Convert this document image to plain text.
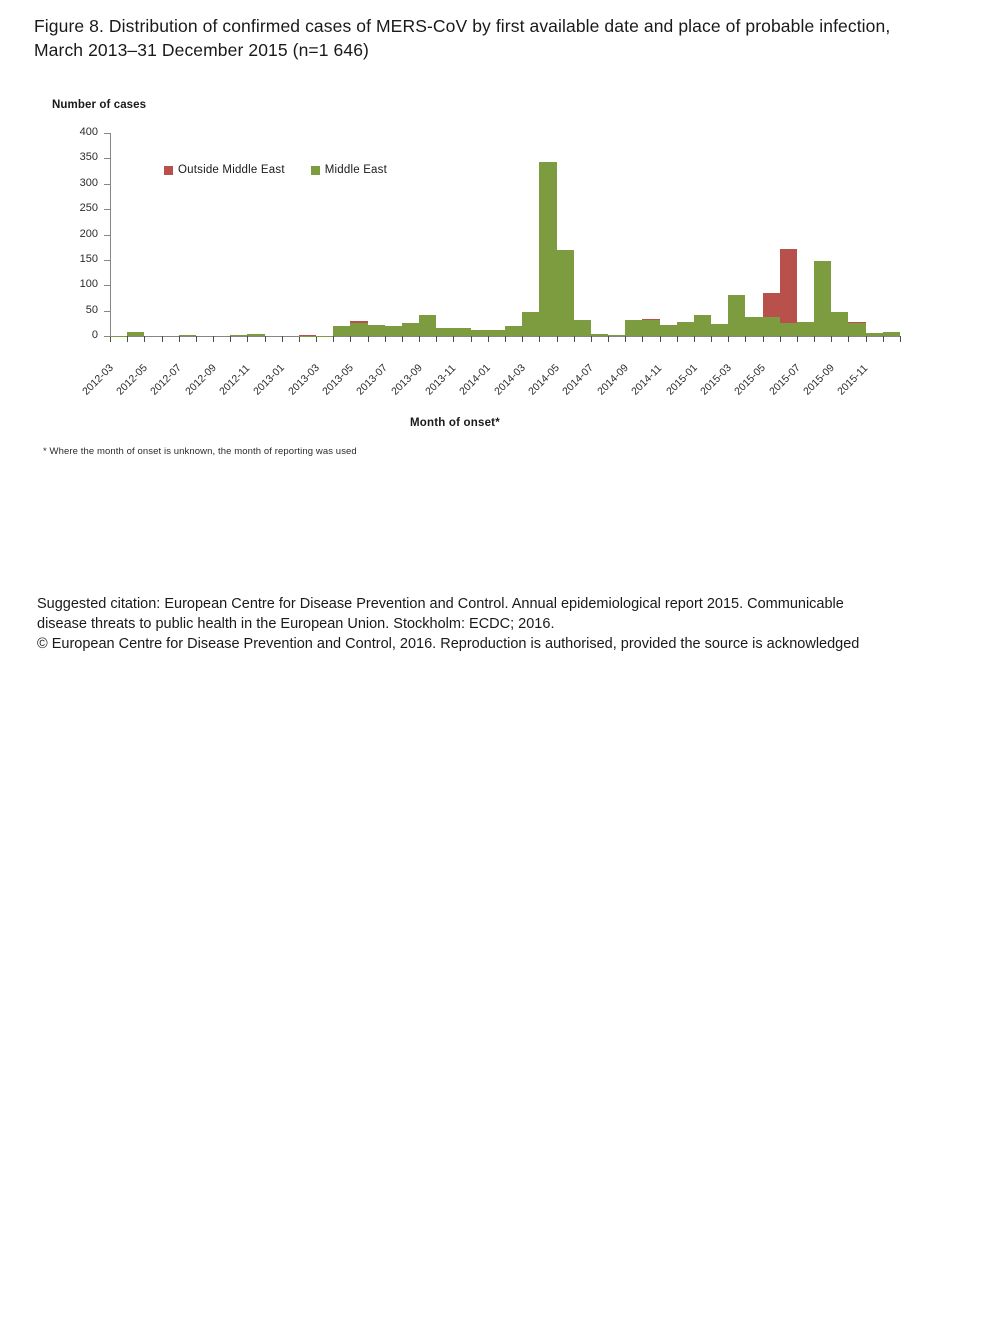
Figure 8. Distribution of confirmed cases of MERS-CoV by first available date and place of probable infection, March 2013–31 December 2015 (n=1 646)
Number of cases
0
50
100
150
200
250
300
350
400
2012-03
2012-05
2012-07
2012-09
2012-11 2013-01
2013-03
2013-05
2013-07
2013-09
2013-11 2014-01
2014-03
2014-05
2014-07
2014-09
2014-11 2015-01
2015-03
2015-05
2015-07
2015-09
2015-11
Outside Middle East	Middle East
Month of onset*
* Where the month of onset is unknown, the month of reporting was used
Suggested citation: European Centre for Disease Prevention and Control. Annual epidemiological report 2015. Communicable
disease threats to public health in the European Union. Stockholm: ECDC; 2016.
© European Centre for Disease Prevention and Control, 2016. Reproduction is authorised, provided the source is acknowledged
